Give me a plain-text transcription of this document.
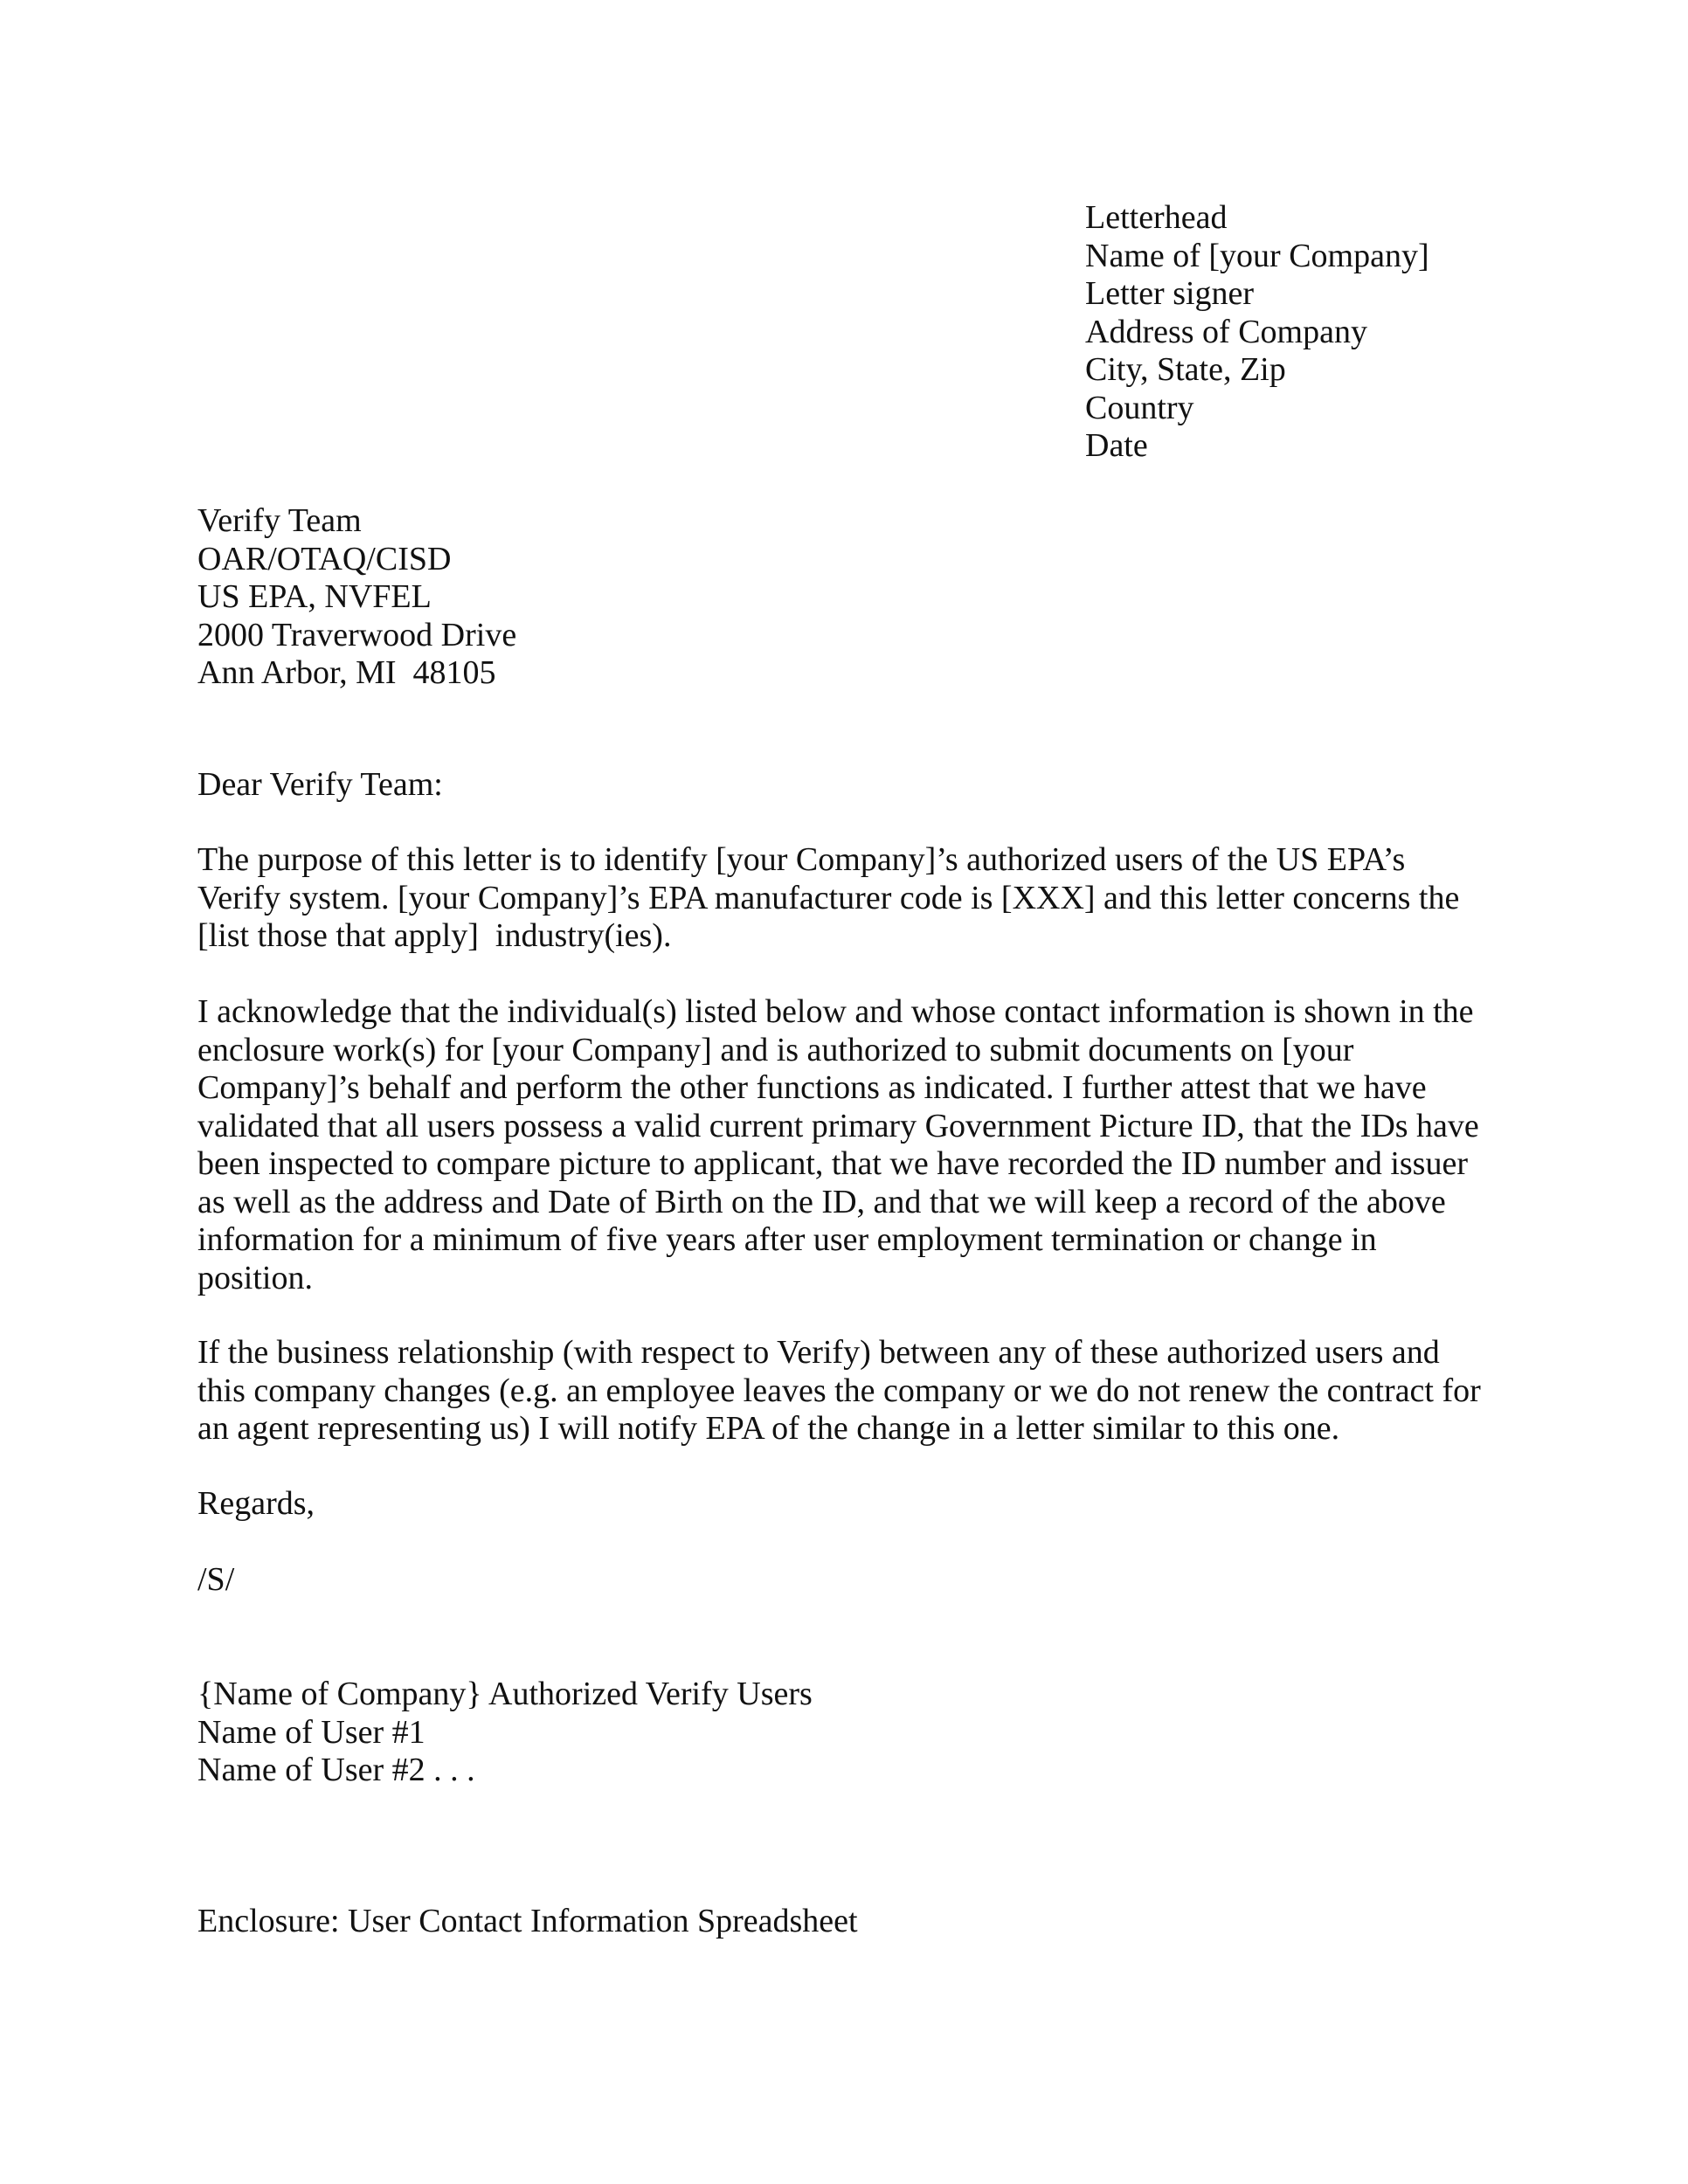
Letterhead
Name of [your Company]
Letter signer
Address of Company
City, State, Zip
Country
Date
Verify Team
OAR/OTAQ/CISD
US EPA, NVFEL
2000 Traverwood Drive
Ann Arbor, MI  48105
Dear Verify Team:
The purpose of this letter is to identify [your Company]’s authorized users of the US EPA’s
Verify system. [your Company]’s EPA manufacturer code is [XXX] and this letter concerns the
[list those that apply]  industry(ies).
I acknowledge that the individual(s) listed below and whose contact information is shown in the
enclosure work(s) for [your Company] and is authorized to submit documents on [your
Company]’s behalf and perform the other functions as indicated. I further attest that we have
validated that all users possess a valid current primary Government Picture ID, that the IDs have
been inspected to compare picture to applicant, that we have recorded the ID number and issuer
as well as the address and Date of Birth on the ID, and that we will keep a record of the above
information for a minimum of five years after user employment termination or change in
position.
If the business relationship (with respect to Verify) between any of these authorized users and
this company changes (e.g. an employee leaves the company or we do not renew the contract for
an agent representing us) I will notify EPA of the change in a letter similar to this one.
Regards,
/S/
{Name of Company} Authorized Verify Users
Name of User #1
Name of User #2 . . .
Enclosure: User Contact Information Spreadsheet
